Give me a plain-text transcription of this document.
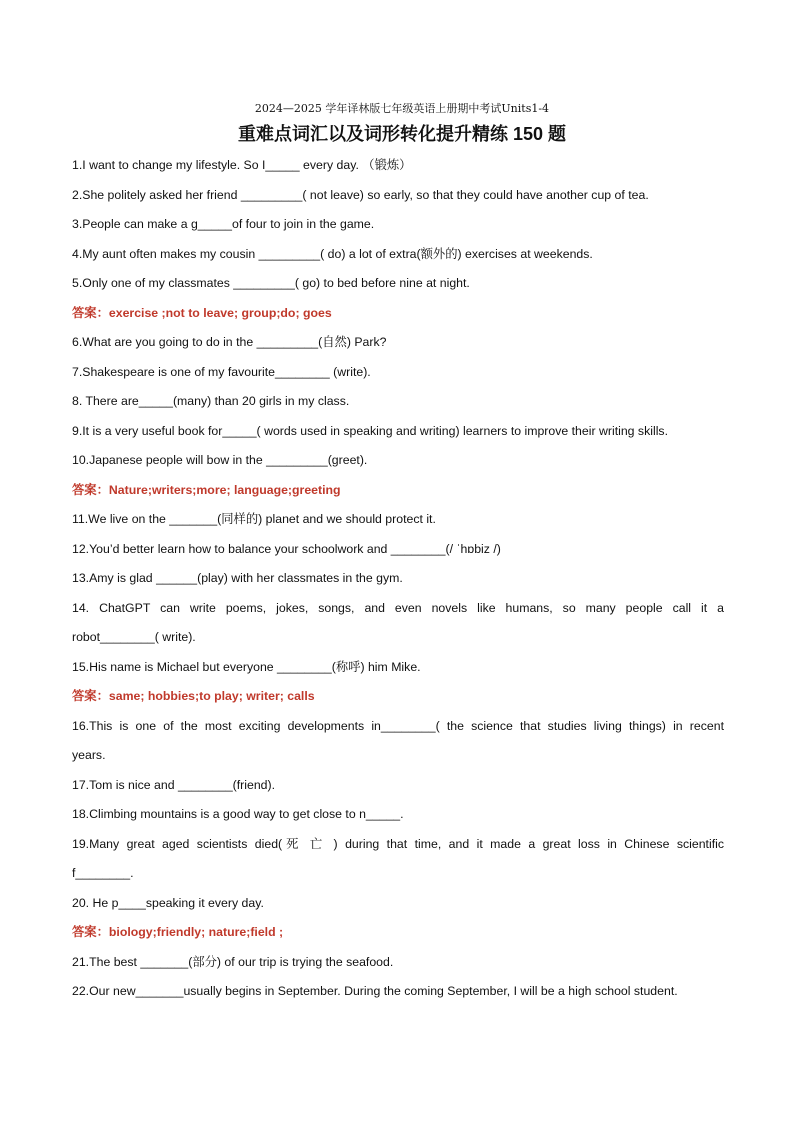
2024—2025 学年译林版七年级英语上册期中考试Units1-4
重难点词汇以及词形转化提升精练 150 题
1.I want to change my lifestyle. So I_____ every day. （锻炼）
2.She politely asked her friend _________( not leave) so early, so that they could have another cup of tea.
3.People can make a g_____of four to join in the game.
4.My aunt often makes my cousin _________( do) a lot of extra(额外的) exercises at weekends.
5.Only one of my classmates _________( go) to bed before nine at night.
答案：exercise ;not to leave; group;do; goes
6.What are you going to do in the _________(自然) Park?
7.Shakespeare is one of my favourite________ (write).
8. There are_____(many) than 20 girls in my class.
9.It is a very useful book for_____( words used in speaking and writing) learners to improve their writing skills.
10.Japanese people will bow in the _________(greet).
答案：Nature;writers;more; language;greeting
11.We live on the _______(同样的) planet and we should protect it.
12.You’d better learn how to balance your schoolwork and ________(/ ˈhɒbiz /)
13.Amy is glad ______(play) with her classmates in the gym.
14. ChatGPT can write poems, jokes, songs, and even novels like humans, so many people call it a
robot________( write).
15.His name is Michael but everyone ________(称呼) him Mike.
答案：same; hobbies;to play; writer; calls
16.This is one of the most exciting developments in________( the science that studies living things) in recent
years.
17.Tom is nice and ________(friend).
18.Climbing mountains is a good way to get close to n_____.
19.Many great aged scientists died(死 亡 ) during that time, and it made a great loss in Chinese scientific
f________.
20. He p____speaking it every day.
答案：biology;friendly; nature;field ;
21.The best _______(部分) of our trip is trying the seafood.
22.Our new_______usually begins in September. During the coming September, I will be a high school student.
